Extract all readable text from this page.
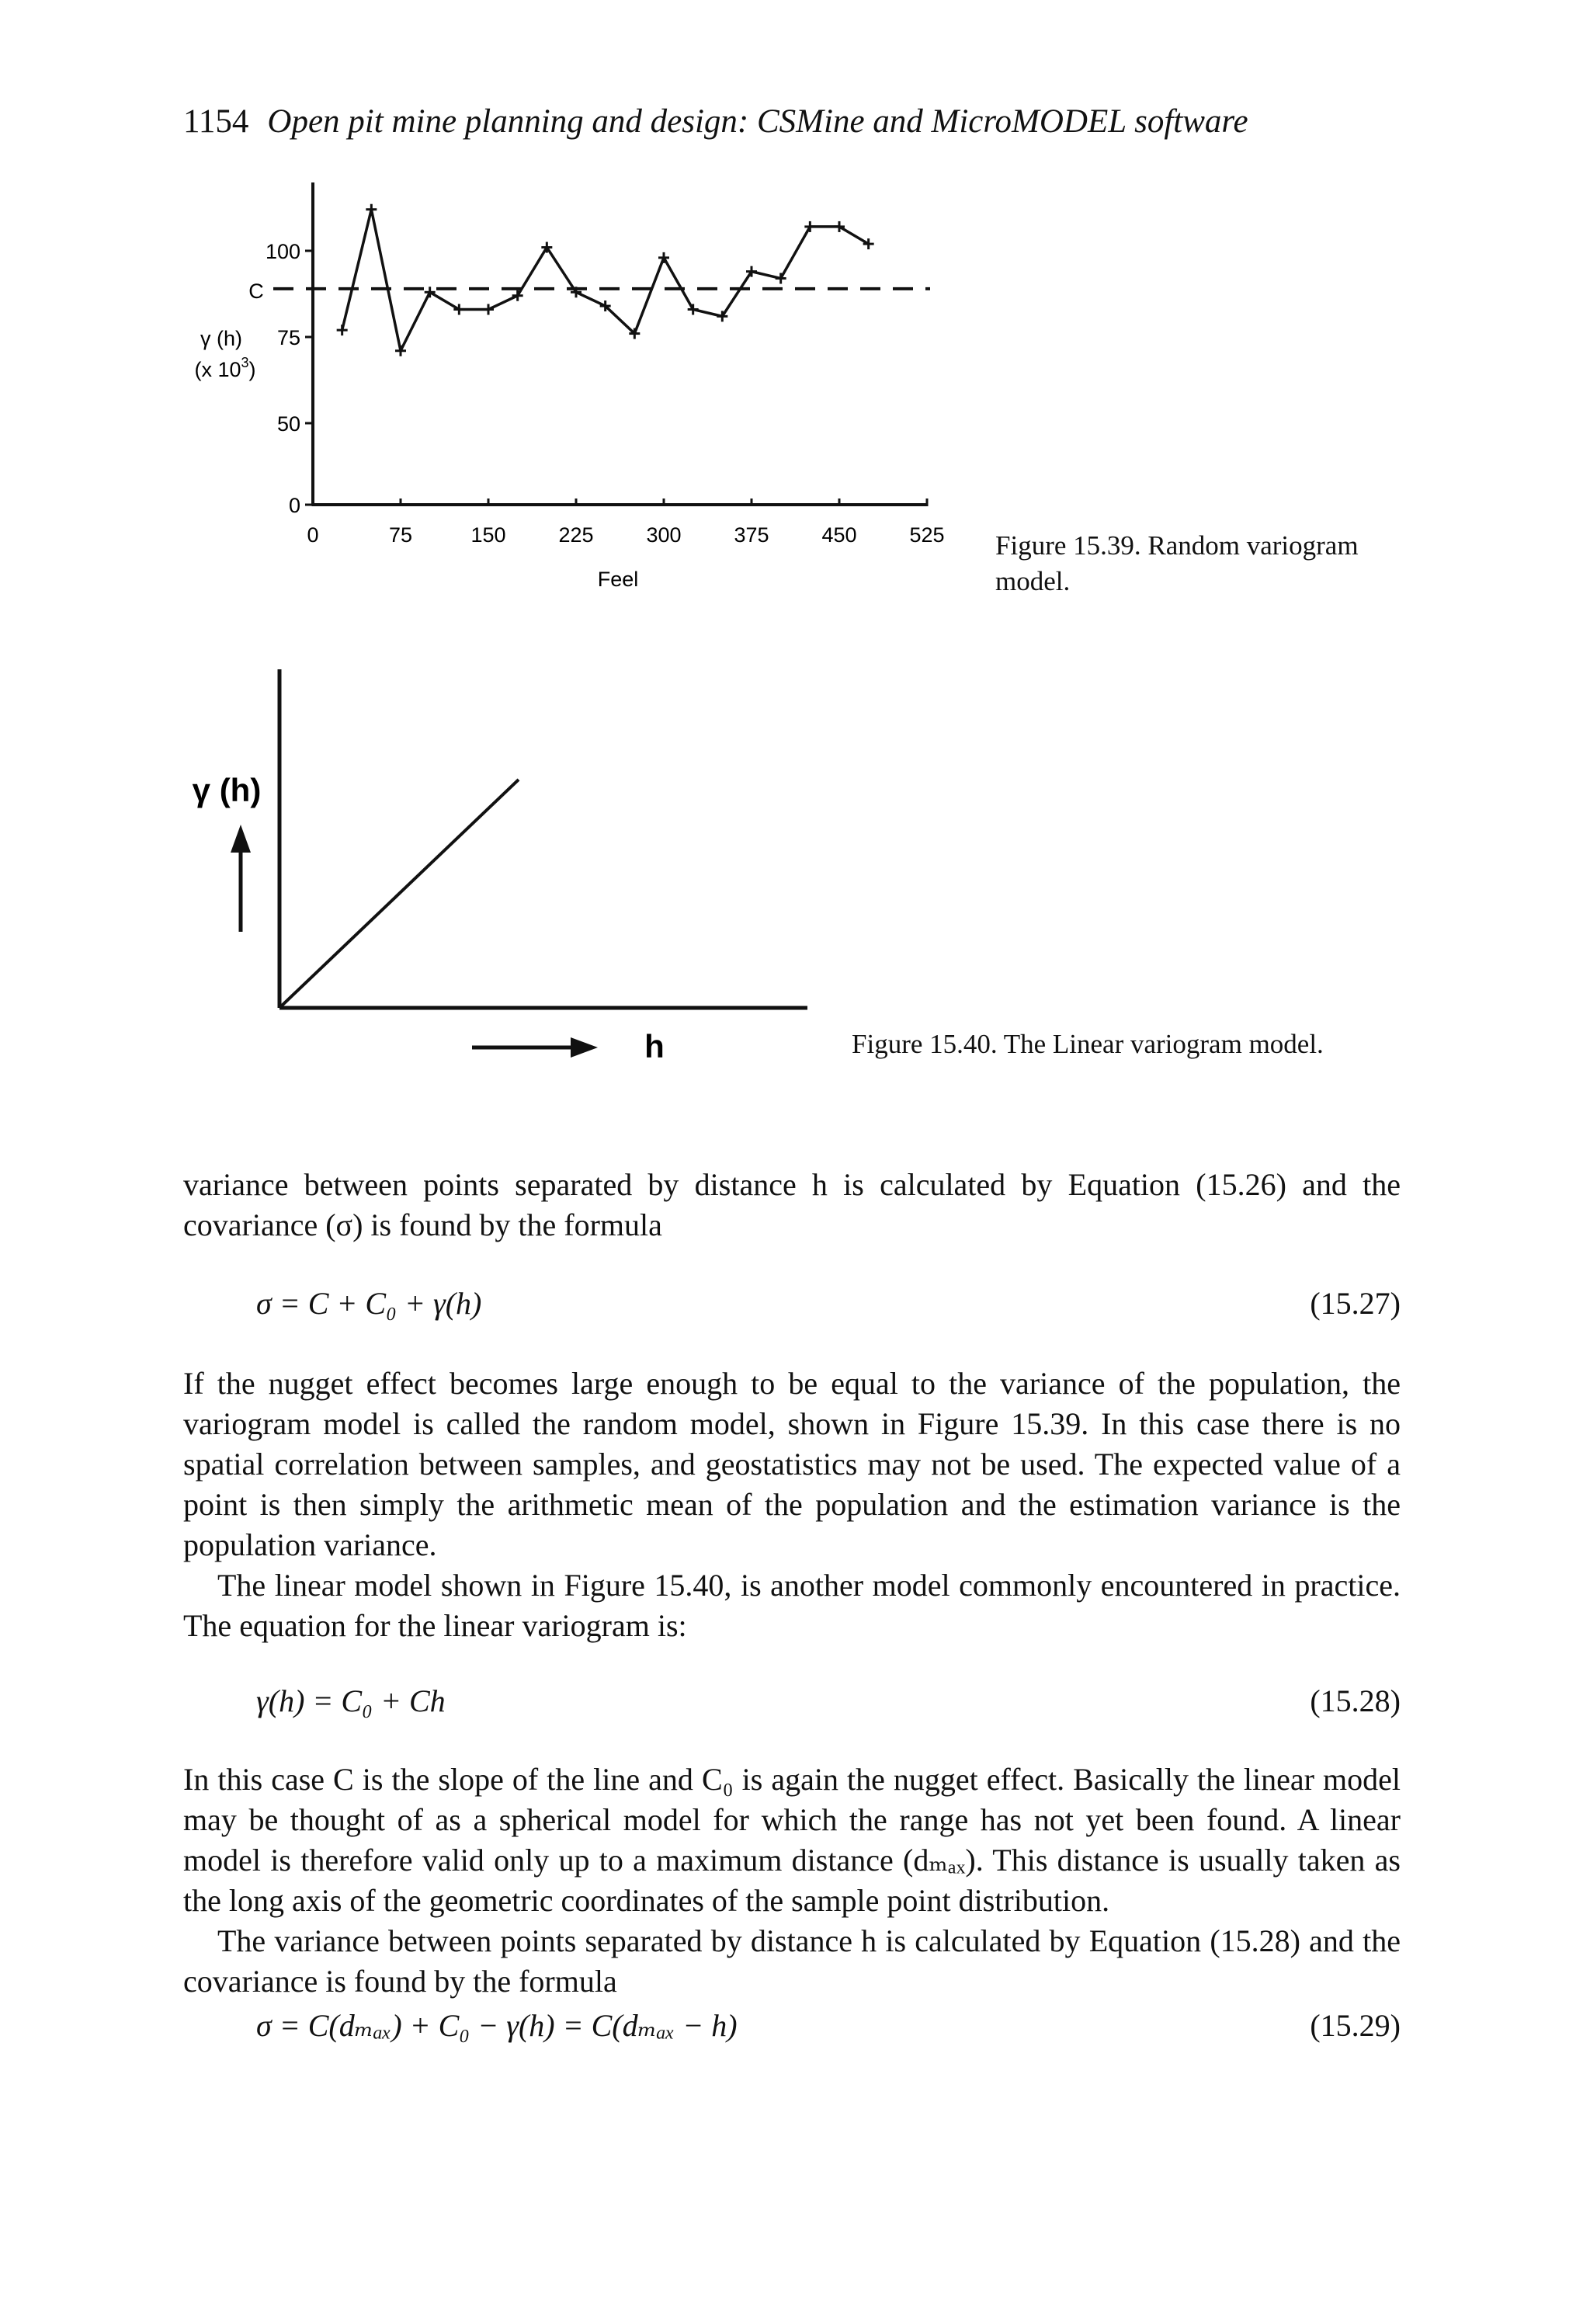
1154 Open pit mine planning and design: CSMine and MicroMODEL software
0	75	150	225	300	375	450	525
0
50
75
100
γ (h)
(x $10^3$)
C
Feel
Figure 15.39. Random variogram model.
γ (h)
h	Figure 15.40. The Linear variogram model.

variance between points separated by distance h is calculated by Equation (15.26) and the covariance (σ) is found by the formula

σ = C + C₀ + γ(h)	(15.27)

If the nugget effect becomes large enough to be equal to the variance of the population, the variogram model is called the random model, shown in Figure 15.39. In this case there is no spatial correlation between samples, and geostatistics may not be used. The expected value of a point is then simply the arithmetic mean of the population and the estimation variance is the population variance.

The linear model shown in Figure 15.40, is another model commonly encountered in practice. The equation for the linear variogram is:

γ(h) = C₀ + Ch	(15.28)

In this case C is the slope of the line and C₀ is again the nugget effect. Basically the linear model may be thought of as a spherical model for which the range has not yet been found. A linear model is therefore valid only up to a maximum distance (dₘₐₓ). This distance is usually taken as the long axis of the geometric coordinates of the sample point distribution.

The variance between points separated by distance h is calculated by Equation (15.28) and the covariance is found by the formula

σ = C(dₘₐₓ) + C₀ − γ(h) = C(dₘₐₓ − h)	(15.29)
